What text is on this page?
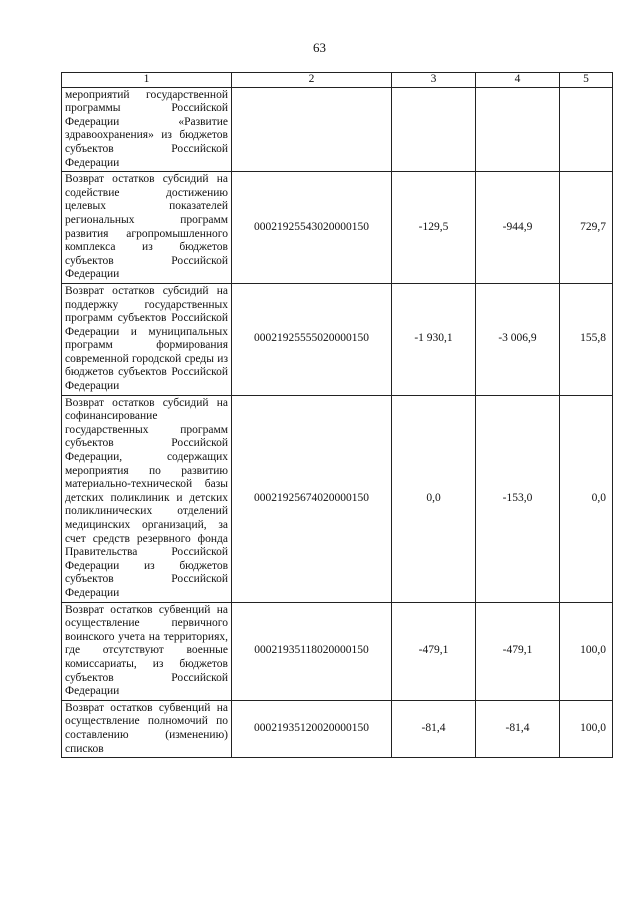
63
1	2	3	4	5
мероприятий государственной программы Российской Федерации «Развитие здравоохранения» из бюджетов субъектов Российской Федерации				
Возврат остатков субсидий на содействие достижению целевых показателей региональных программ развития агропромышленного комплекса из бюджетов субъектов Российской Федерации	00021925543020000150	-129,5	-944,9	729,7
Возврат остатков субсидий на поддержку государственных программ субъектов Российской Федерации и муниципальных программ формирования современной городской среды из бюджетов субъектов Российской Федерации	00021925555020000150	-1 930,1	-3 006,9	155,8
Возврат остатков субсидий на софинансирование государственных программ субъектов Российской Федерации, содержащих мероприятия по развитию материально-технической базы детских поликлиник и детских поликлинических отделений медицинских организаций, за счет средств резервного фонда Правительства Российской Федерации из бюджетов субъектов Российской Федерации	00021925674020000150	0,0	-153,0	0,0
Возврат остатков субвенций на осуществление первичного воинского учета на территориях, где отсутствуют военные комиссариаты, из бюджетов субъектов Российской Федерации	00021935118020000150	-479,1	-479,1	100,0
Возврат остатков субвенций на осуществление полномочий по составлению (изменению) списков	00021935120020000150	-81,4	-81,4	100,0
